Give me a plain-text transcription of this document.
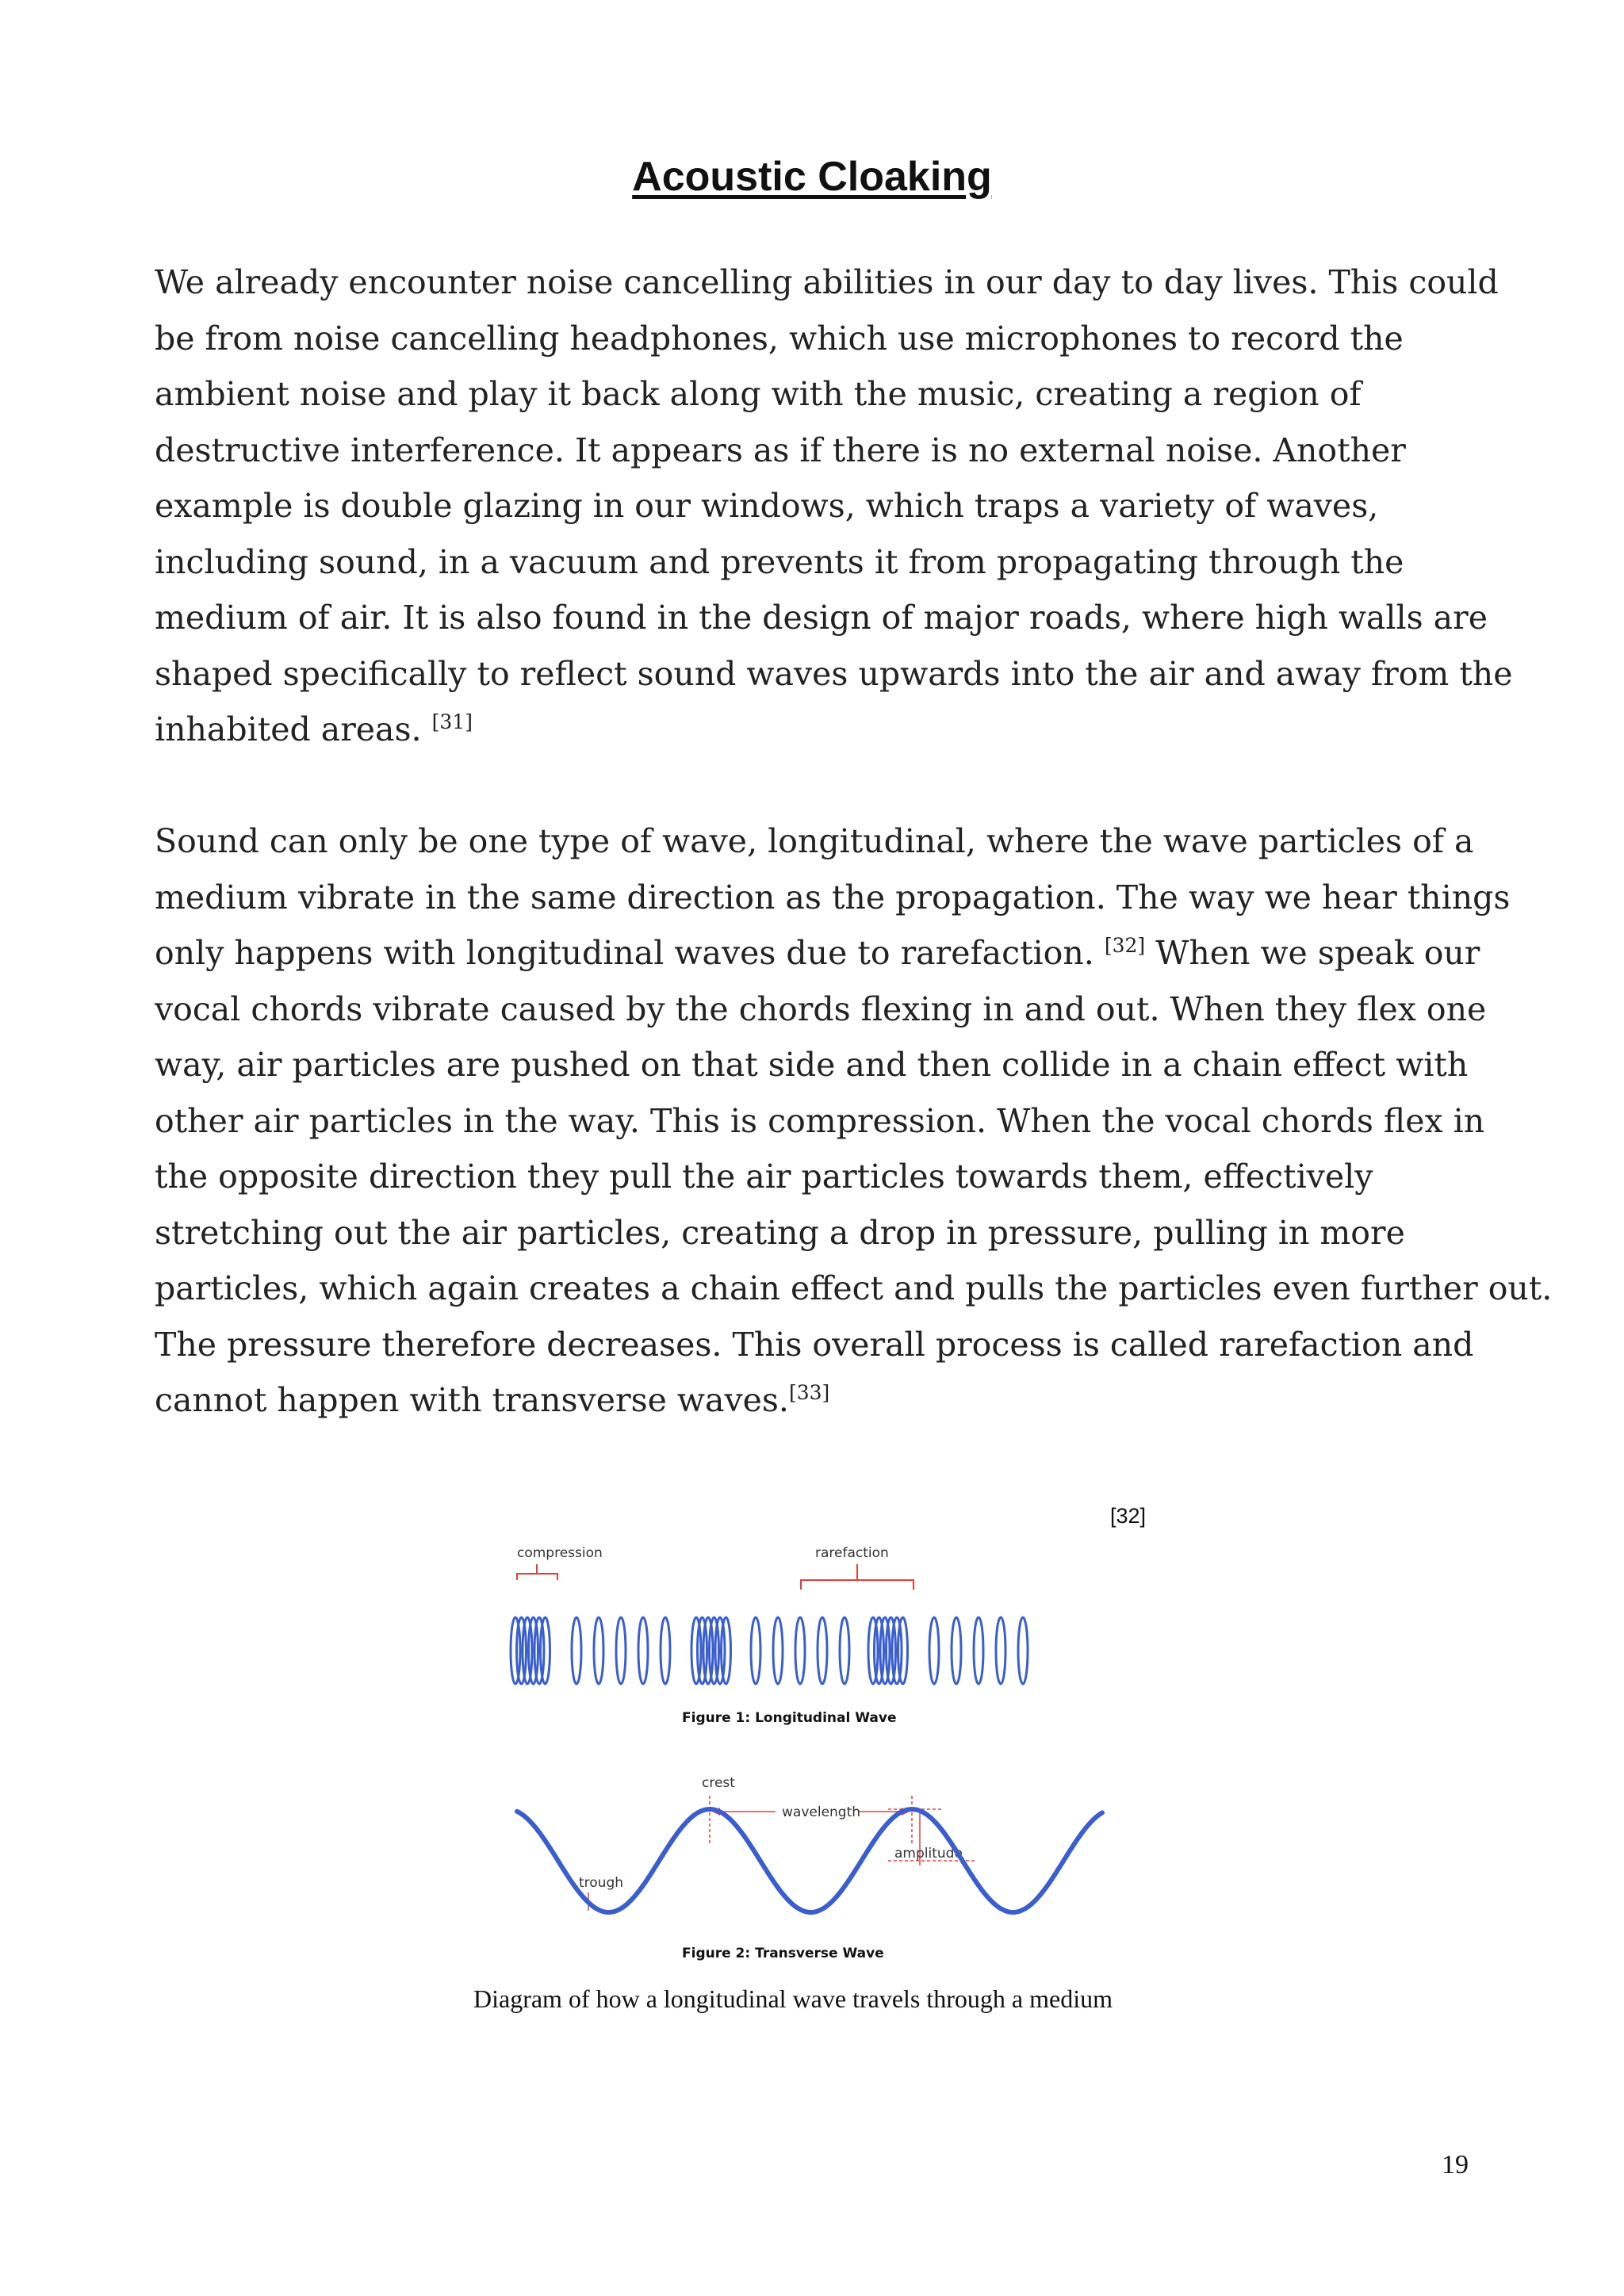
Acoustic Cloaking

We already encounter noise cancelling abilities in our day to day lives. This could
be from noise cancelling headphones, which use microphones to record the
ambient noise and play it back along with the music, creating a region of
destructive interference. It appears as if there is no external noise. Another
example is double glazing in our windows, which traps a variety of waves,
including sound, in a vacuum and prevents it from propagating through the
medium of air. It is also found in the design of major roads, where high walls are
shaped specifically to reflect sound waves upwards into the air and away from the
inhabited areas. [31]

Sound can only be one type of wave, longitudinal, where the wave particles of a
medium vibrate in the same direction as the propagation. The way we hear things
only happens with longitudinal waves due to rarefaction. [32] When we speak our
vocal chords vibrate caused by the chords flexing in and out. When they flex one
way, air particles are pushed on that side and then collide in a chain effect with
other air particles in the way. This is compression. When the vocal chords flex in
the opposite direction they pull the air particles towards them, effectively
stretching out the air particles, creating a drop in pressure, pulling in more
particles, which again creates a chain effect and pulls the particles even further out.
The pressure therefore decreases. This overall process is called rarefaction and
cannot happen with transverse waves.[33]

[32]
compression	rarefaction
Figure 1: Longitudinal Wave
crest
wavelength
amplitude
trough
Figure 2: Transverse Wave
Diagram of how a longitudinal wave travels through a medium
19
